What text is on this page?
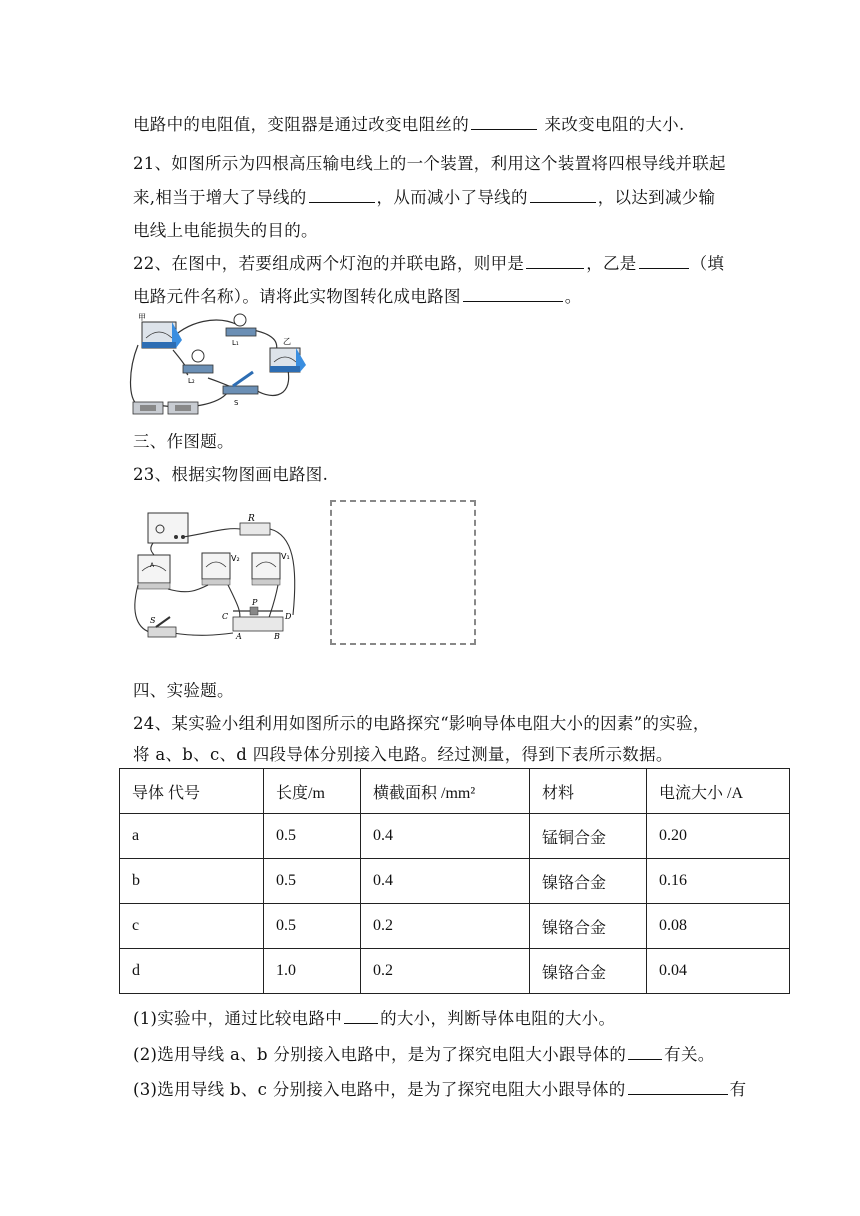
电路中的电阻值，变阻器是通过改变电阻丝的	来改变电阻的大小.
21、如图所示为四根高压输电线上的一个装置，利用这个装置将四根导线并联起
来,相当于增大了导线的	，从而减小了导线的	，以达到减少输
电线上电能损失的目的。
22、在图中，若要组成两个灯泡的并联电路，则甲是	，乙是	（填
电路元件名称）。请将此实物图转化成电路图	。
甲
L₁	乙
L₂
S
三、作图题。
23、根据实物图画电路图.
R
A
V₂	V₁
S	C
P
D
A	B
四、实验题。
24、某实验小组利用如图所示的电路探究“影响导体电阻大小的因素”的实验，
将 a、b、c、d 四段导体分别接入电路。经过测量，得到下表所示数据。
导体 代号	长度/m	横截面积 /mm²	材料	电流大小 /A
a	0.5	0.4	锰铜合金	0.20
b	0.5	0.4	镍铬合金	0.16
c	0.5	0.2	镍铬合金	0.08
d	1.0	0.2	镍铬合金	0.04
(1)实验中，通过比较电路中 的大小，判断导体电阻的大小。
(2)选用导线 a、b 分别接入电路中，是为了探究电阻大小跟导体的 有关。
(3)选用导线 b、c 分别接入电路中，是为了探究电阻大小跟导体的	有
